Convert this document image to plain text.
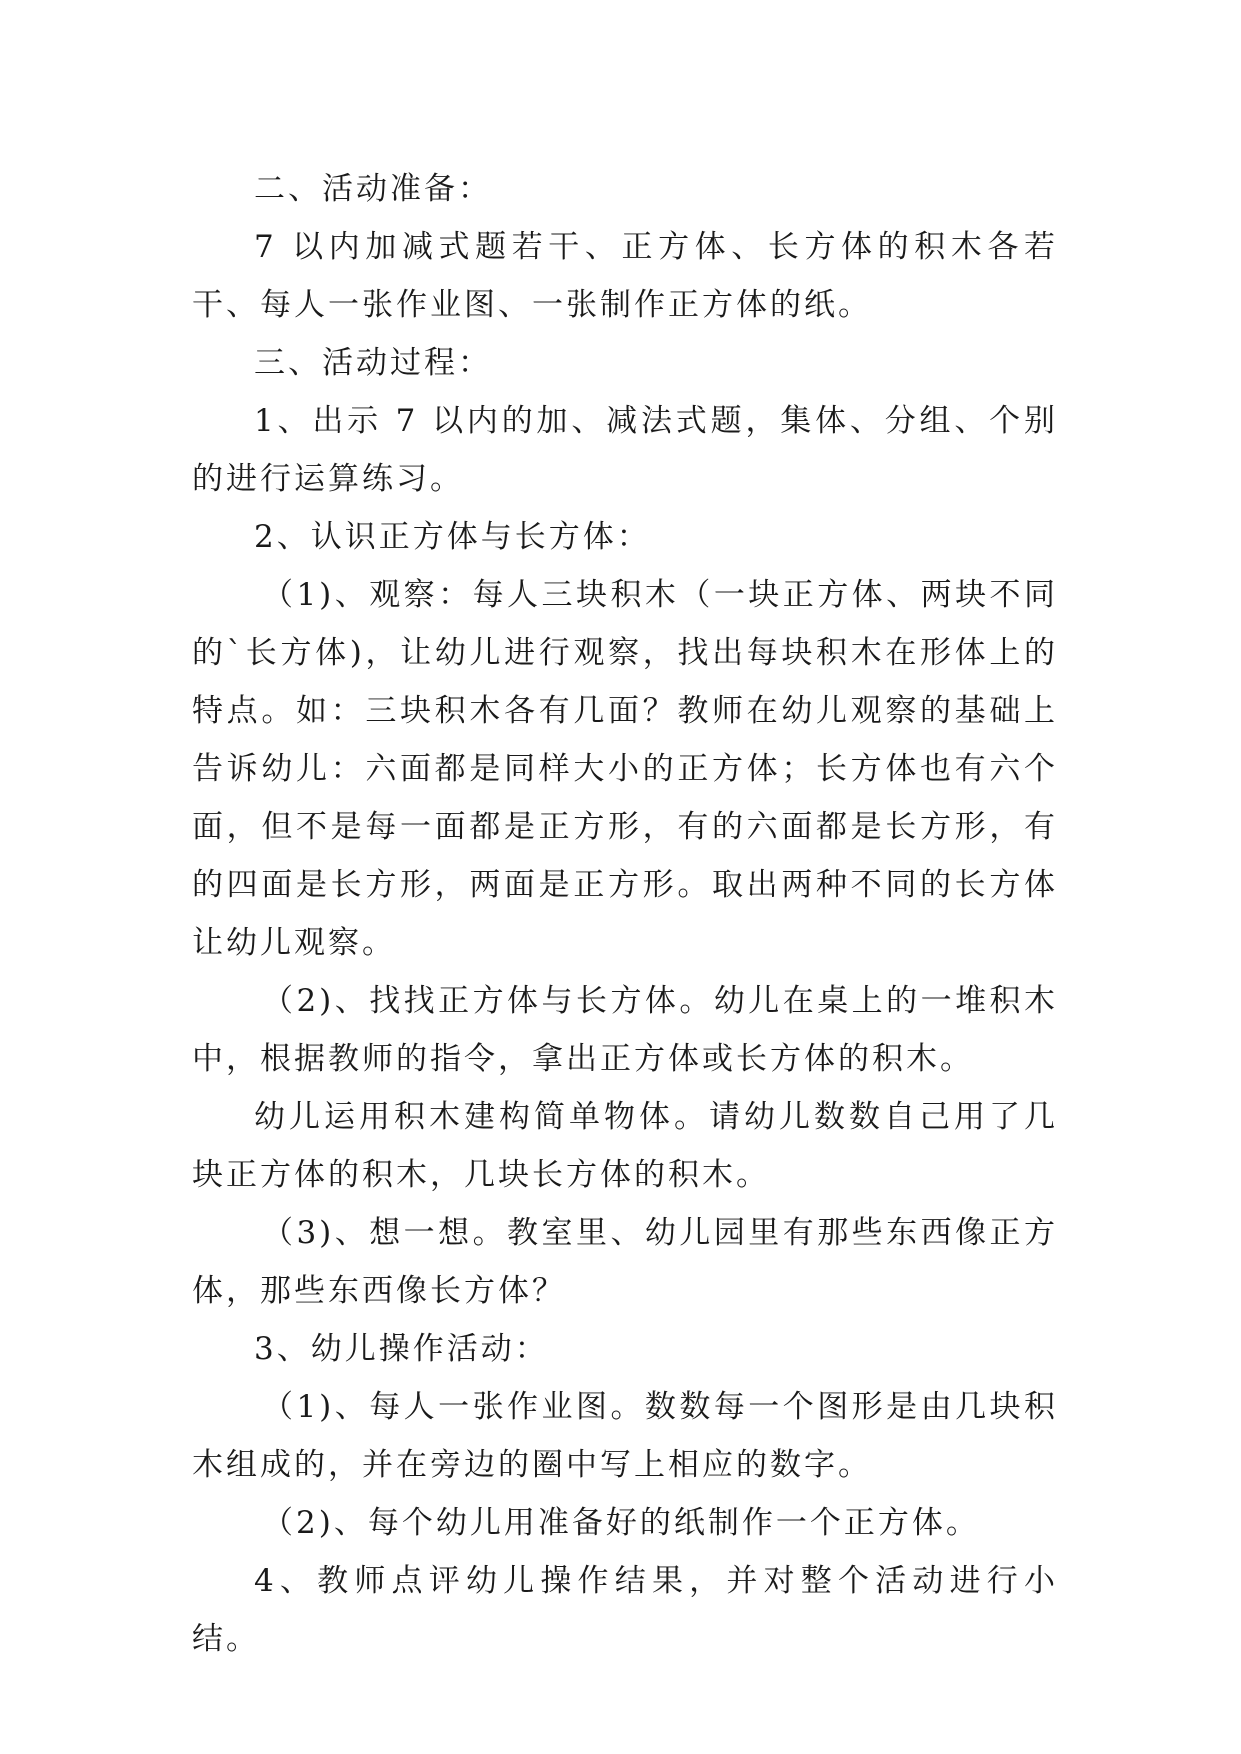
二、活动准备：

7 以内加减式题若干、正方体、长方体的积木各若干、每人一张作业图、一张制作正方体的纸。

三、活动过程：

1、出示 7 以内的加、减法式题，集体、分组、个别的进行运算练习。

2、认识正方体与长方体：

（1)、观察：每人三块积木（一块正方体、两块不同的`长方体)，让幼儿进行观察，找出每块积木在形体上的特点。如：三块积木各有几面？教师在幼儿观察的基础上告诉幼儿：六面都是同样大小的正方体；长方体也有六个面，但不是每一面都是正方形，有的六面都是长方形，有的四面是长方形，两面是正方形。取出两种不同的长方体让幼儿观察。

（2)、找找正方体与长方体。幼儿在桌上的一堆积木中，根据教师的指令，拿出正方体或长方体的积木。

幼儿运用积木建构简单物体。请幼儿数数自己用了几块正方体的积木，几块长方体的积木。

（3)、想一想。教室里、幼儿园里有那些东西像正方体，那些东西像长方体？

3、幼儿操作活动：

（1)、每人一张作业图。数数每一个图形是由几块积木组成的，并在旁边的圈中写上相应的数字。

（2)、每个幼儿用准备好的纸制作一个正方体。

4、教师点评幼儿操作结果，并对整个活动进行小结。
